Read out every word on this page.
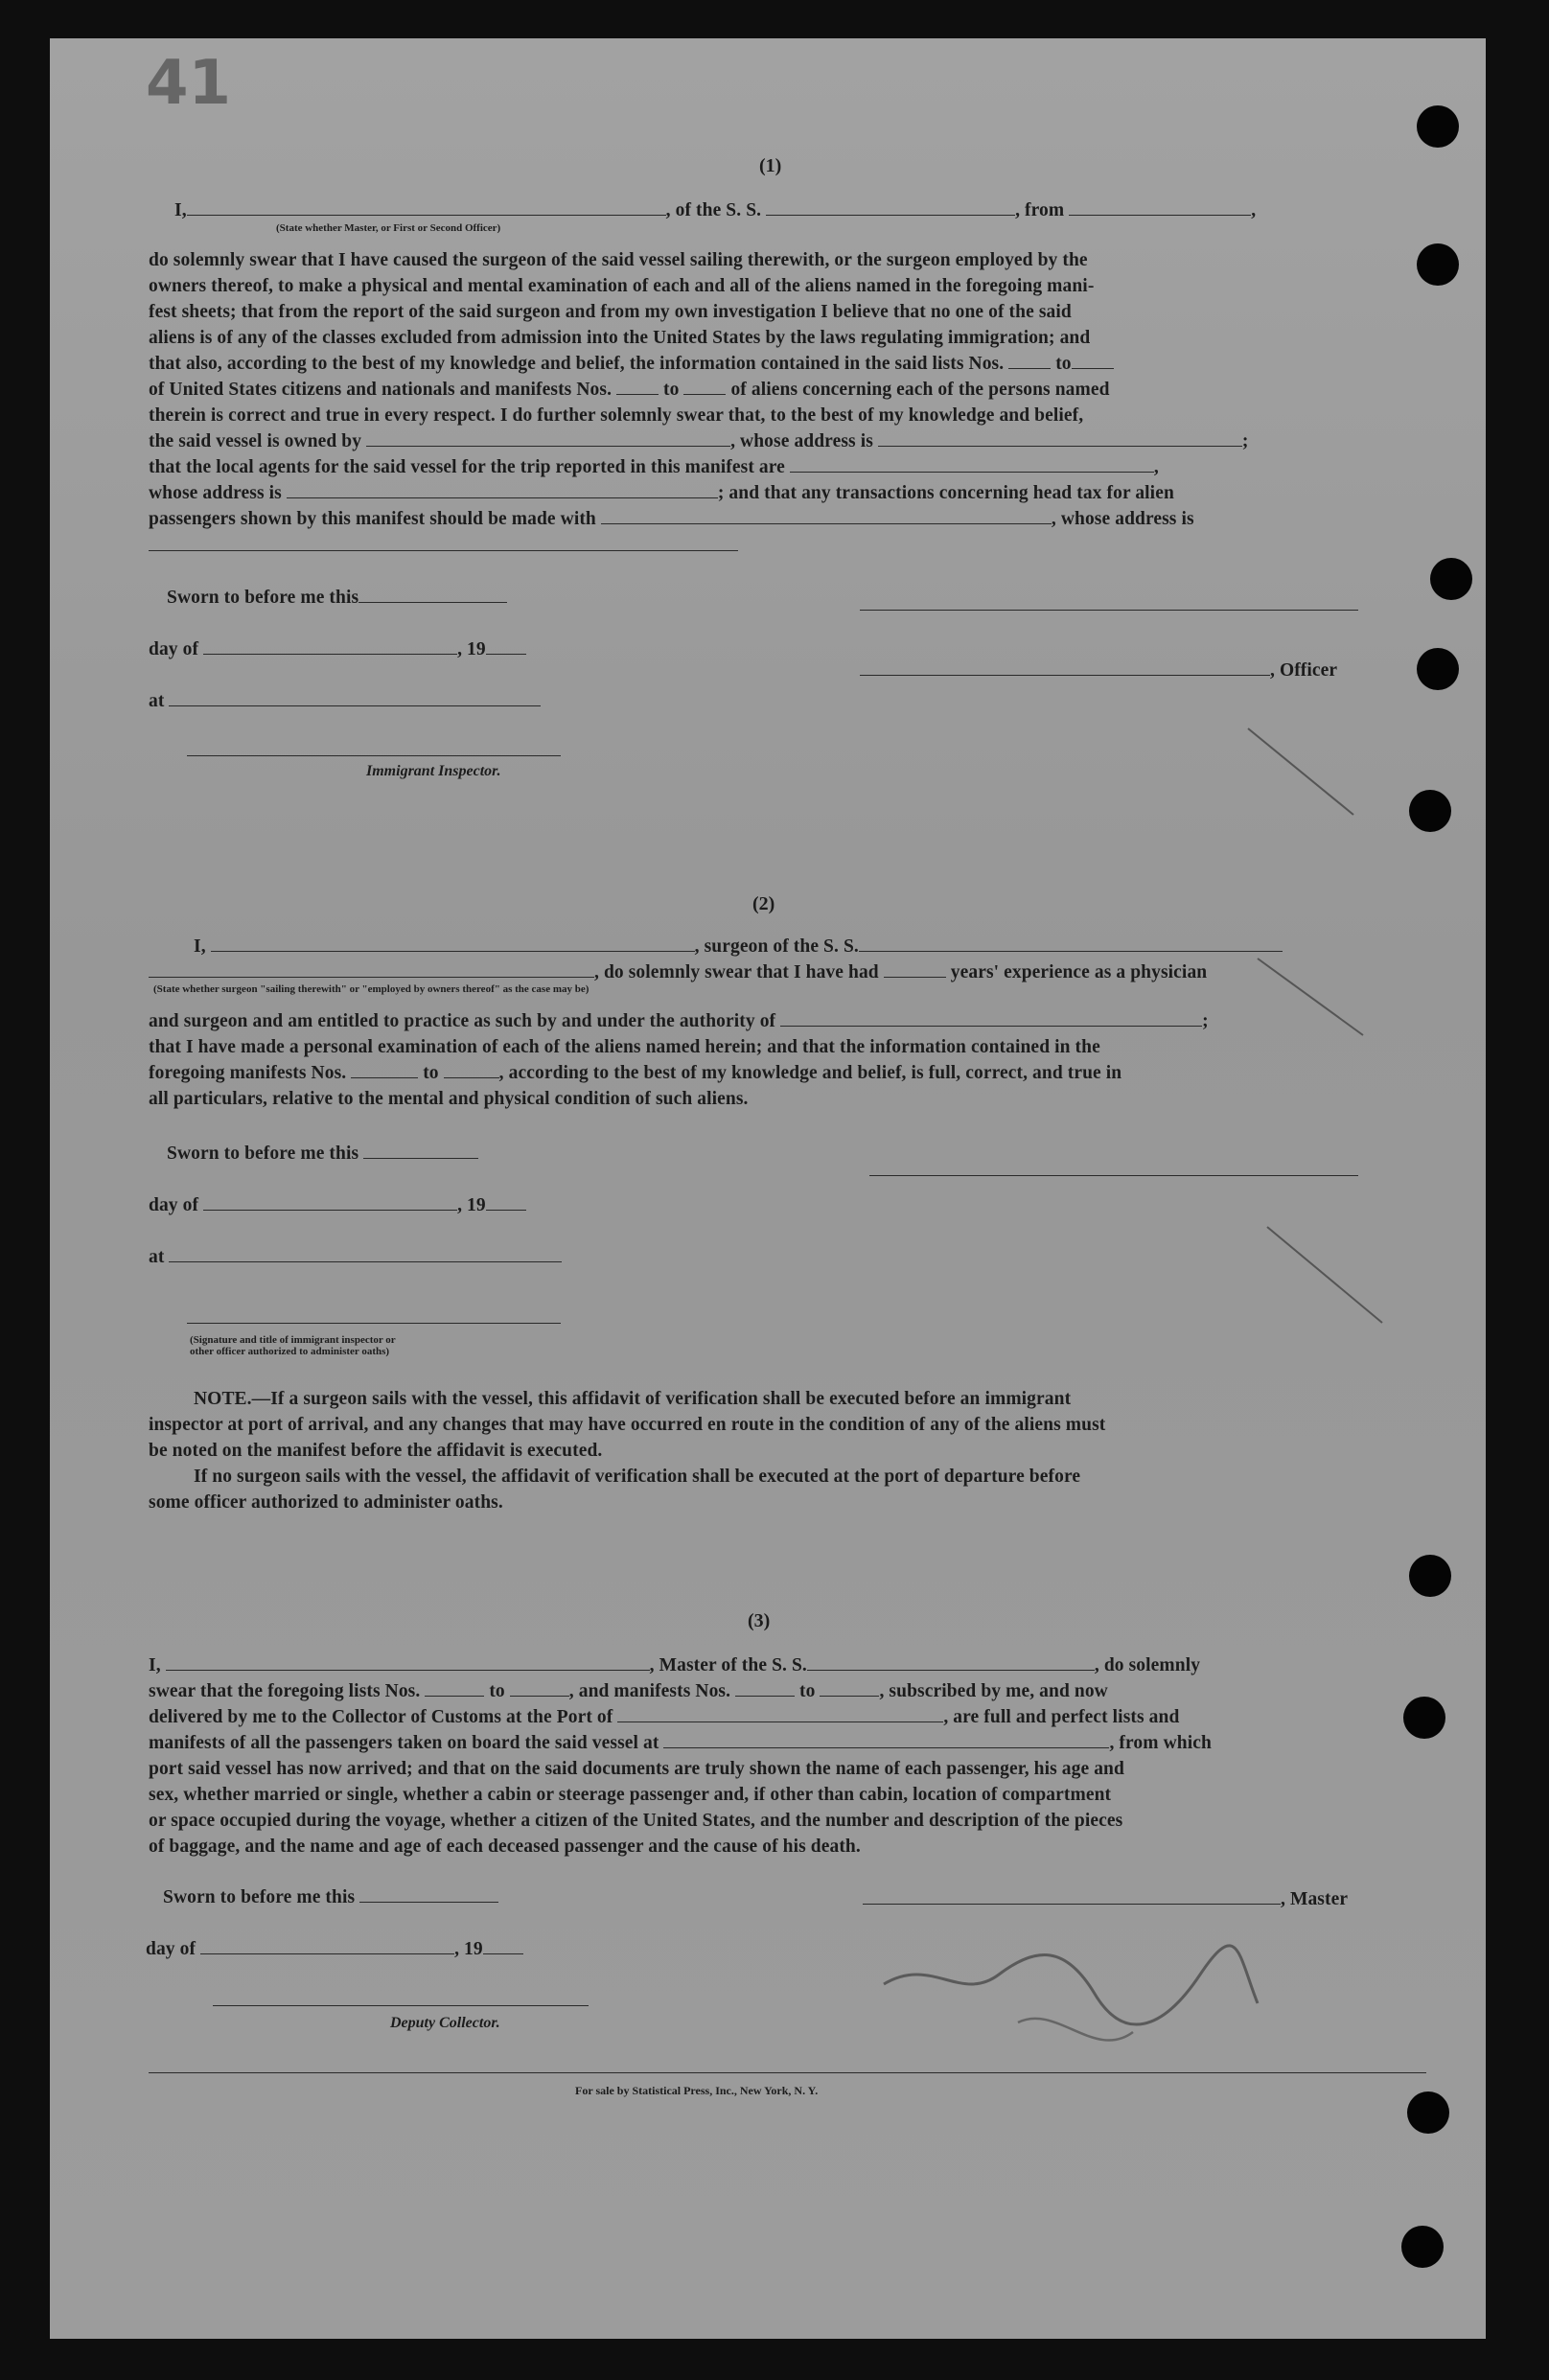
41

(1)
I,	, of the S. S.	, from	,
(State whether Master, or First or Second Officer)
do solemnly swear that I have caused the surgeon of the said vessel sailing therewith, or the surgeon employed by the
owners thereof, to make a physical and mental examination of each and all of the aliens named in the foregoing mani-
fest sheets; that from the report of the said surgeon and from my own investigation I believe that no one of the said
aliens is of any of the classes excluded from admission into the United States by the laws regulating immigration; and
that also, according to the best of my knowledge and belief, the information contained in the said lists Nos.	to
of United States citizens and nationals and manifests Nos.	to	of aliens concerning each of the persons named
therein is correct and true in every respect. I do further solemnly swear that, to the best of my knowledge and belief,
the said vessel is owned by	, whose address is	;
that the local agents for the said vessel for the trip reported in this manifest are	,
whose address is	; and that any transactions concerning head tax for alien
passengers shown by this manifest should be made with	, whose address is
Sworn to before me this
day of	, 19
, Officer
at
Immigrant Inspector.
(2)
I,	, surgeon of the S. S.
, do solemnly swear that I have had	years' experience as a physician
(State whether surgeon "sailing therewith" or "employed by owners thereof" as the case may be)
and surgeon and am entitled to practice as such by and under the authority of	;
that I have made a personal examination of each of the aliens named herein; and that the information contained in the
foregoing manifests Nos.	to	, according to the best of my knowledge and belief, is full, correct, and true in
all particulars, relative to the mental and physical condition of such aliens.
Sworn to before me this
day of	, 19
at
(Signature and title of immigrant inspector or
other officer authorized to administer oaths)
NOTE.—If a surgeon sails with the vessel, this affidavit of verification shall be executed before an immigrant
inspector at port of arrival, and any changes that may have occurred en route in the condition of any of the aliens must
be noted on the manifest before the affidavit is executed.
If no surgeon sails with the vessel, the affidavit of verification shall be executed at the port of departure before
some officer authorized to administer oaths.
(3)
I,	, Master of the S. S.	, do solemnly
swear that the foregoing lists Nos.	to	, and manifests Nos.	to	, subscribed by me, and now
delivered by me to the Collector of Customs at the Port of	, are full and perfect lists and
manifests of all the passengers taken on board the said vessel at	, from which
port said vessel has now arrived; and that on the said documents are truly shown the name of each passenger, his age and
sex, whether married or single, whether a cabin or steerage passenger and, if other than cabin, location of compartment
or space occupied during the voyage, whether a citizen of the United States, and the number and description of the pieces
of baggage, and the name and age of each deceased passenger and the cause of his death.
Sworn to before me this	, Master
day of	, 19
Deputy Collector.
For sale by Statistical Press, Inc., New York, N. Y.
